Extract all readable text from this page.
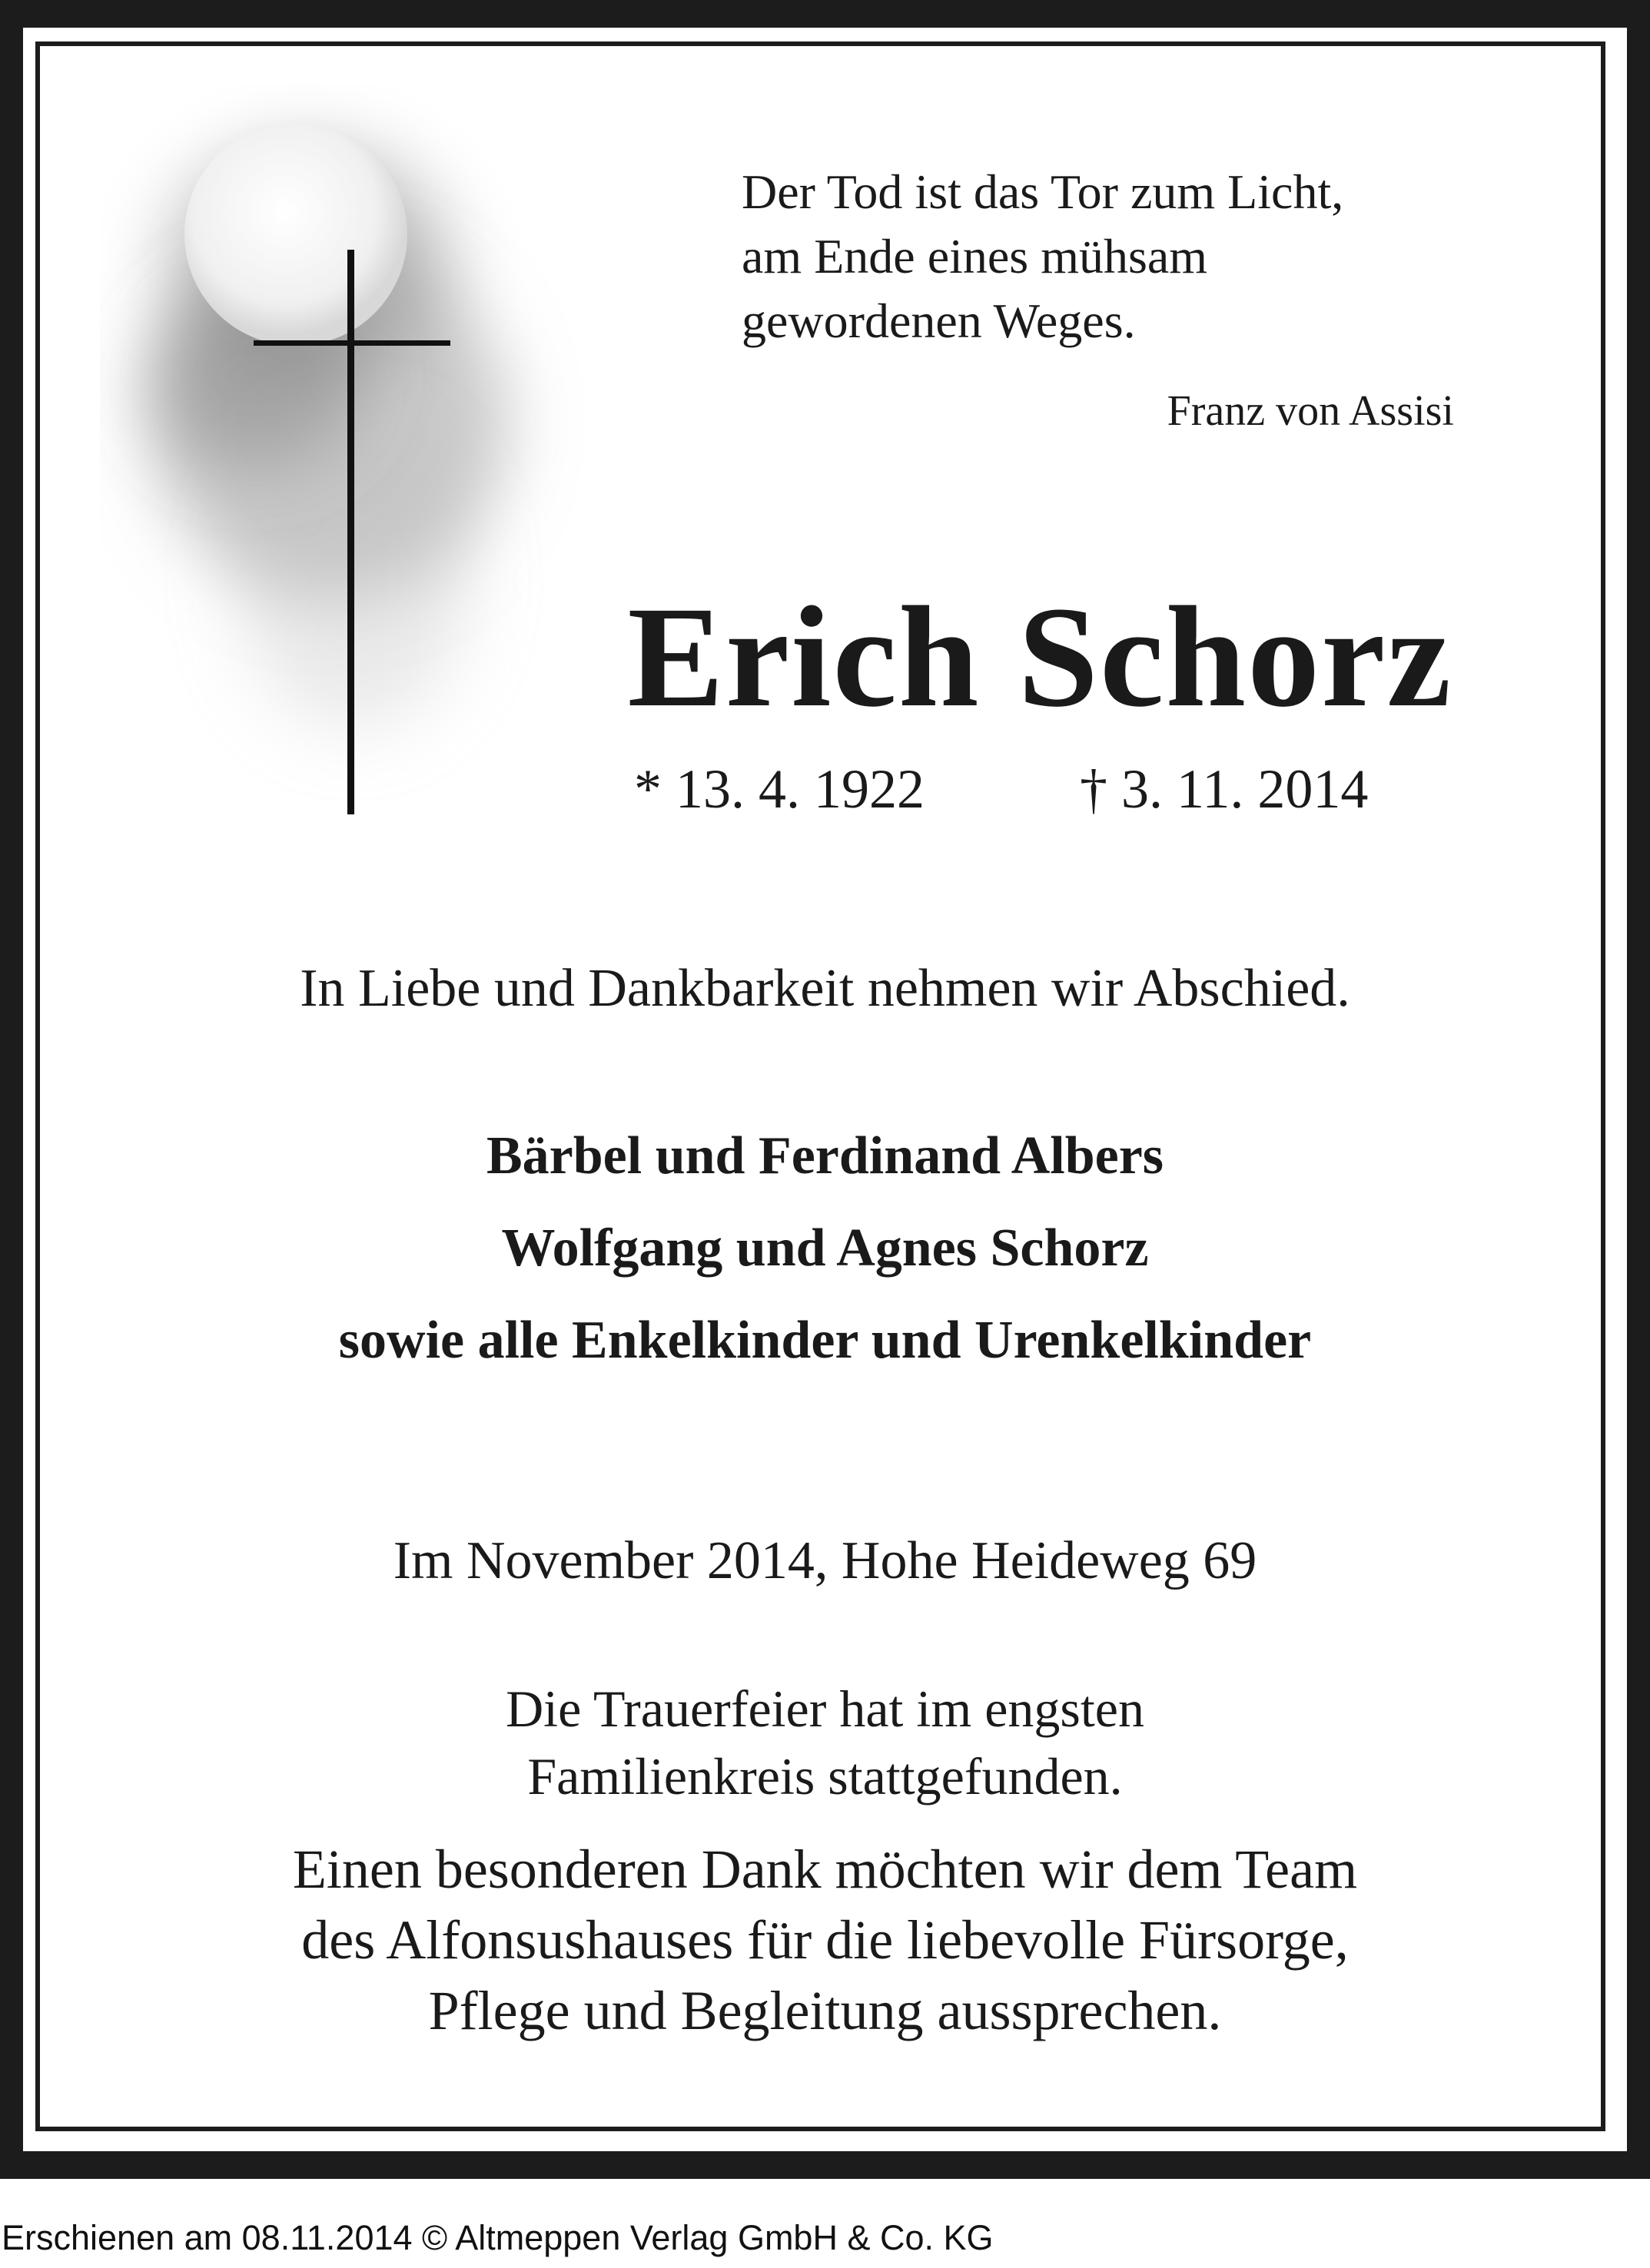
Der Tod ist das Tor zum Licht,
am Ende eines mühsam
gewordenen Weges.

Franz von Assisi

Erich Schorz

* 13. 4. 1922	† 3. 11. 2014

In Liebe und Dankbarkeit nehmen wir Abschied.

Bärbel und Ferdinand Albers

Wolfgang und Agnes Schorz

sowie alle Enkelkinder und Urenkelkinder

Im November 2014, Hohe Heideweg 69

Die Trauerfeier hat im engsten

Familienkreis stattgefunden.

Einen besonderen Dank möchten wir dem Team

des Alfonsushauses für die liebevolle Fürsorge,

Pflege und Begleitung aussprechen.

Erschienen am 08.11.2014 © Altmeppen Verlag GmbH & Co. KG
